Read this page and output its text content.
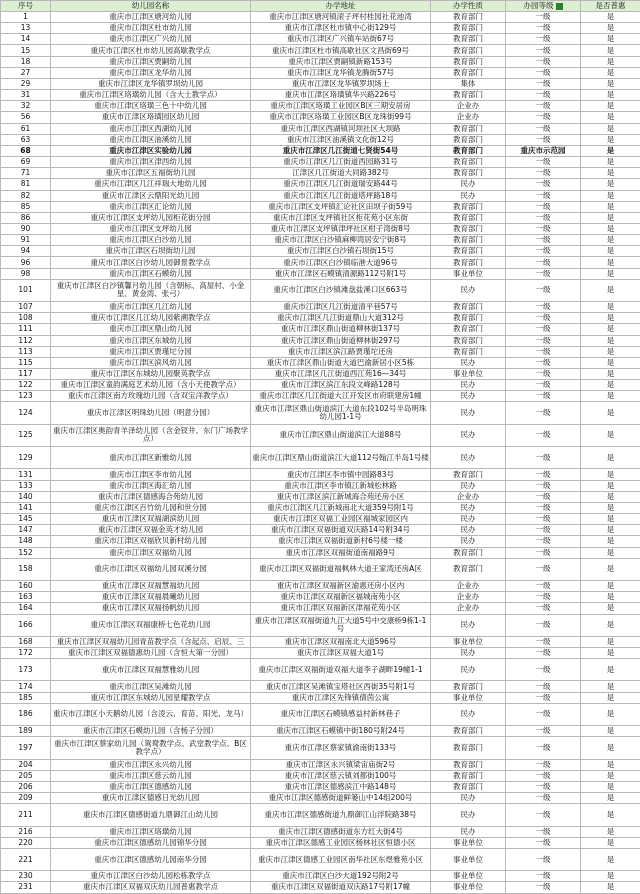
序号	幼儿园名称	办学地址	办学性质	办园等级	是否普惠
1	重庆市江津区塘河幼儿园	重庆市江津区塘河镇滚子坪村桂园社花池湾	教育部门	一级	是
13	重庆市江津区杜市幼儿园	重庆市江津区杜市镇中心街129号	教育部门	一级	是
14	重庆市江津区广兴幼儿园	重庆市江津区广兴镇车站街67号	教育部门	一级	是
15	重庆市江津区杜市幼儿园高歇教学点	重庆市江津区杜市镇高歇社区文昌街69号	教育部门	一级	是
18	重庆市江津区贾嗣幼儿园	重庆市江津区贾嗣镇新路153号	教育部门	一级	是
27	重庆市江津区龙华幼儿园	重庆市江津区龙华镇龙腾街57号	教育部门	一级	是
29	重庆市江津区龙华镇罗坝幼儿园	重庆市江津区龙华镇罗坝场上	集体	一级	是
31	重庆市江津区珞璜幼儿园（含大土教学点）	重庆市江津区珞璜镇华兴路226号	教育部门	一级	是
32	重庆市江津区珞璜三色十中幼儿园	重庆市江津区珞璜工业园区B区三期安居房	企业办	一级	是
56	重庆市江津区珞璜园区幼儿园	重庆市江津区珞璜工业园区B区龙珠街99号	企业办	一级	是
61	重庆市江津区西湖幼儿园	重庆市江津区西湖镇河坝社区大坝路	教育部门	一级	是
63	重庆市江津区油溪幼儿园	重庆市江津区油溪镇文化街12号	教育部门	一级	是
68	重庆市江津区实验幼儿园	重庆市江津区几江街道七贤街54号	教育部门	重庆市示范园	是
69	重庆市江津区津西幼儿园	重庆市江津区几江街道西园路31号	教育部门	一级	是
71	重庆市江津区五福街幼儿园	江津区几江街道大同路382号	教育部门	一级	是
81	重庆市江津区几江祥瑞大地幼儿园	重庆市江津区几江街道瑞安路44号	民办	一级	是
82	重庆市江津区云鼎阳光幼儿园	重庆市江津区几江街道塔坪路18号	民办	一级	是
85	重庆市江津区汇论幼儿园	重庆市江津区支坪镇汇论社区田坝子街59号	教育部门	一级	是
86	重庆市江津区支坪幼儿园柜花街分园	重庆市江津区支坪镇社区柜花苑小区东街	教育部门	一级	是
90	重庆市江津区支坪幼儿园	重庆市江津区支坪镇津坪社区柑子湾街8号	教育部门	一级	是
91	重庆市江津区白沙幼儿园	重庆市江津区白沙镇麻柳湾居安宁街8号	教育部门	一级	是
94	重庆市江津区石坝街幼儿园	重庆市江津区白沙镇石坝街15号	教育部门	一级	是
96	重庆市江津区白沙幼儿园御景教学点	重庆市江津区白沙镇临港大道96号	教育部门	一级	是
98	重庆市江津区石蟆幼儿园	重庆市江津区石蟆镇清源路112号附1号	事业单位	一级	是
101	重庆市江津区白沙镇馨月幼儿园（含朝标、高屋村、小金星、黄金湾、张弓）	重庆市江津区白沙镇滩盘盐溪口区663号	民办	一级	是
107	重庆市江津区几江幼儿园	重庆市江津区几江街道清平巷57号	教育部门	一级	是
108	重庆市江津区几江幼儿园紫溯教学点	重庆市江津区几江街道鼎山大道312号	教育部门	一级	是
111	重庆市江津区鼎山幼儿园	重庆市江津区鼎山街道柳林街137号	教育部门	一级	是
112	重庆市江津区东城幼儿园	重庆市江津区鼎山街道柳林街297号	教育部门	一级	是
113	重庆市江津区贾瑾坨分园	重庆市江津区滨江路贾瑾坨还房	教育部门	一级	是
115	重庆市江津区滨风幼儿园	重庆市江津区鼎山街道大道巴渝新居小区5栋	民办	一级	是
117	重庆市江津区东城幼儿园聚英教学点	重庆市江津区几江街道西江苑16—34号	事业单位	一级	是
122	重庆市江津区童韵满庭艺术幼儿园（含小天使教学点）	重庆市江津区滨江东段文峰路128号	民办	一级	是
123	重庆市江津区南方玫瑰幼儿园（含双宝洋教学点）	重庆市江津区几江街道大江开发区市府联建房1幢	民办	一级	是
124	重庆市江津区明珠幼儿园（明意分园）	重庆市江津区鼎山街道滨江大道东段102号半岛明珠幼儿园1-1号	民办	一级	是
125	重庆市江津区奥韵青羊泽幼儿园（含金钗井、东门广场教学点）	重庆市江津区鼎山街道滨江大道88号	民办	一级	是
129	重庆市江津区新雅幼儿园	重庆市江津区鼎山街道滨江大道112号翰江半岛1号楼	民办	一级	是
131	重庆市江津区李市幼儿园	重庆市江津区李市镇中园路83号	教育部门	一级	是
133	重庆市江津区海汇幼儿园	重庆市江津区李市镇江新城松林路	民办	一级	是
140	重庆市江津区德感海合苑幼儿园	重庆市江津区滨江新城海合苑还房小区	企业办	一级	是
141	重庆市江津区百竹幼儿园和世分园	重庆市江津区几江新城南北大道359号附1号	民办	一级	是
145	重庆市江津区双福湖滨幼儿园	重庆市江津区双福工业园区福城家园区内	民办	一级	是
147	重庆市江津区双福金英才幼儿园	重庆市江津区双福街道双庆路14号附34号	民办	一级	是
148	重庆市江津区双福欣贝新村幼儿园	重庆市江津区双福街道新村6号楼一楼	民办	一级	是
152	重庆市江津区双福幼儿园	重庆市江津区双福街道南福路9号	教育部门	一级	是
158	重庆市江津区双福幼儿园双溪分园	重庆市江津区双福街道福枫林大道王家湾还房A区	教育部门	一级	是
160	重庆市江津区双福慧福幼儿园	重庆市江津区双福新区渝惠还房小区内	企业办	一级	是
163	重庆市江津区双福晨曦幼儿园	重庆市江津区双福新区福城南苑小区	企业办	一级	是
164	重庆市江津区双福扬帆幼儿园	重庆市江津区双福新区津福花苑小区	企业办	一级	是
166	重庆市江津区双福康桥七色花幼儿园	重庆市江津区双福街道九江大道5号中交康桥9栋1-1号	民办	一级	是
168	重庆市江津区双福幼儿园青苗教学点（含起点、启辰、三	重庆市江津区双福南北大道596号	事业单位	一级	是
172	重庆市江津区双福德惠幼儿园（含恒大第一分园）	重庆市江津区双福大道1号	民办	一级	是
173	重庆市江津区双福慧雅幼儿园	重庆市江津区双福街道双福大道李子湖畔19幢1-1	民办	一级	是
174	重庆市江津区吴滩幼儿园	重庆市江津区吴滩镇宝塔社区西街35号附1号	教育部门	一级	是
185	重庆市江津区东城幼儿园星耀教学点	重庆市江津区先锋镇倩茵公寓	事业单位	一级	是
186	重庆市江津区小天鹅幼儿园（含凌云、育苗、阳光、龙马）	重庆市江津区石蟆镇感益村新林巷子	民办	一级	是
189	重庆市江津区石蟆幼儿园（含杨子分园）	重庆市江津区石蟆镇中街180号附24号	教育部门	一级	是
197	重庆市江津区蔡家幼儿园（鸳鸯教学点、武堂教学点、B区教学点）	重庆市江津区蔡家镇渝南街133号	教育部门	一级	是
204	重庆市江津区永兴幼儿园	重庆市江津区永兴镇梁宙庙街2号	教育部门	一级	是
205	重庆市江津区慈云幼儿园	重庆市江津区慈云镇刘都街100号	教育部门	一级	是
206	重庆市江津区德感幼儿园	重庆市江津区德感滨江中路148号	教育部门	一级	是
209	重庆市江津区德感日光幼儿园	重庆市江津区德感街道鲜篓山中14组200号	民办	一级	是
211	重庆市江津区德感街道九鼎御江山幼儿园	重庆市江津区德感街道九鼎御江山浮院路38号	民办	一级	是
216	重庆市江津区珞璜幼儿园	重庆市江津区德感街道东方红大街4号	民办	一级	是
220	重庆市江津区德感幼儿园锦华分园	重庆市江津区德感工业园区杨林社区恒德小区	事业单位	一级	是
221	重庆市江津区德感幼儿园南华分园	重庆市江津区德感工业园区南华社区东煜雅苑小区	事业单位	一级	是
230	重庆市江津区白沙幼儿园松栋教学点	重庆市江津区白沙大道192号附2号	事业单位	一级	是
231	重庆市江津区双福双庆幼儿园普惠教学点	重庆市江津区双福街道双庆路17号附17幢	事业单位	一级	是
